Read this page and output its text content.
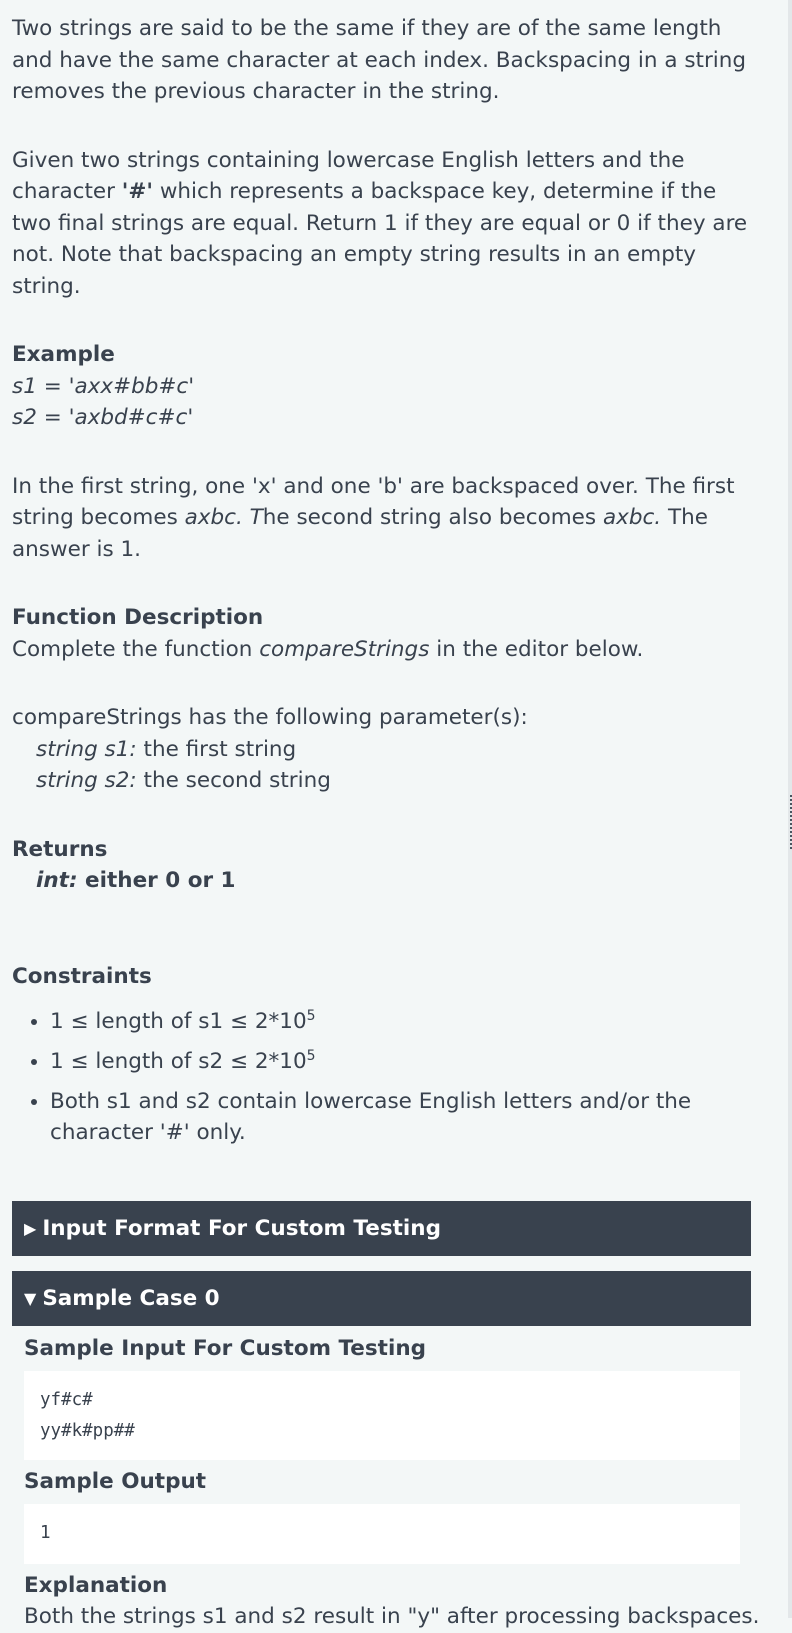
Two strings are said to be the same if they are of the same length and have the same character at each index. Backspacing in a string removes the previous character in the string.

Given two strings containing lowercase English letters and the character '#' which represents a backspace key, determine if the two final strings are equal. Return 1 if they are equal or 0 if they are not. Note that backspacing an empty string results in an empty string.

Example

s1 = 'axx#bb#c'

s2 = 'axbd#c#c'

In the first string, one 'x' and one 'b' are backspaced over. The first string becomes axbc. The second string also becomes axbc. The answer is 1.

Function Description

Complete the function compareStrings in the editor below.

compareStrings has the following parameter(s):

string s1: the first string

string s2: the second string

Returns

int: either 0 or 1

Constraints

• 1 ≤ length of $s1 \le 2*10^5$
• 1 ≤ length of $s2 \le 2*10^5$
• Both s1 and s2 contain lowercase English letters and/or the character '#' only.
▶ Input Format For Custom Testing
▼ Sample Case 0
Sample Input For Custom Testing
yf#c#
yy#k#pp##
Sample Output
1
Explanation
Both the strings s1 and s2 result in "y" after processing backspaces.
